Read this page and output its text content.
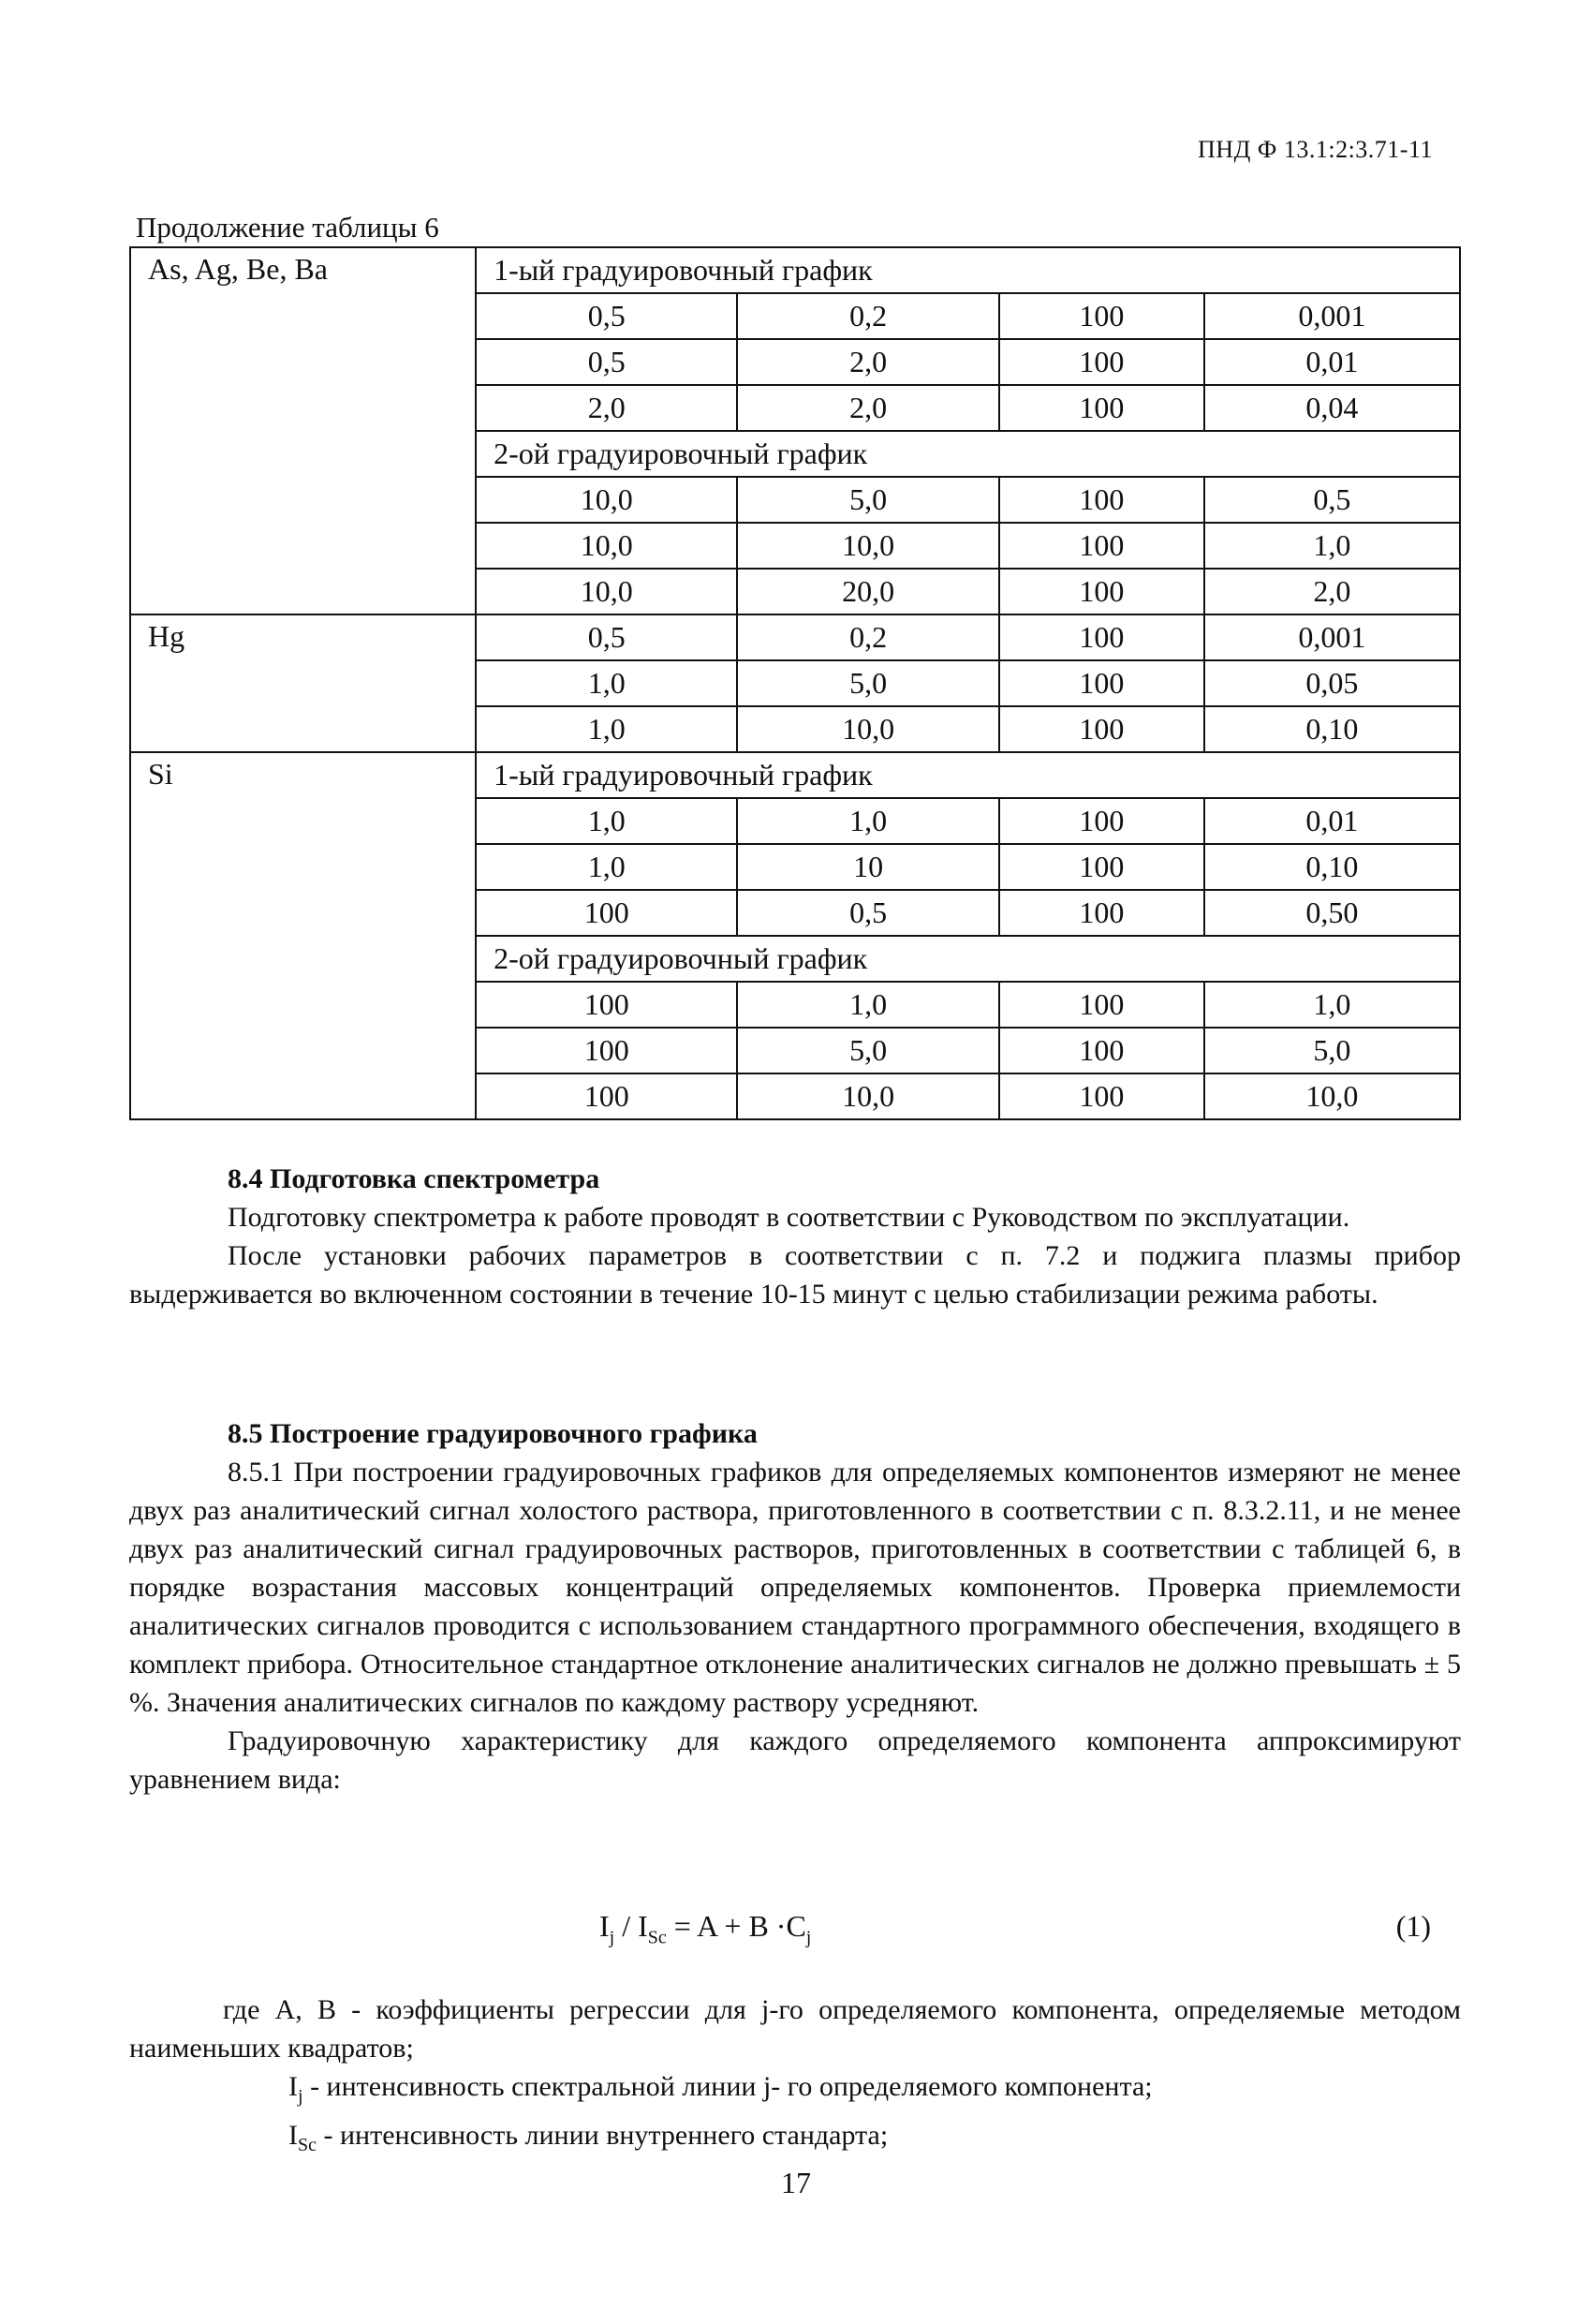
ПНД Ф 13.1:2:3.71-11
Продолжение таблицы 6
As, Ag, Be, Ba	1-ый градуировочный график			
	0,5	0,2	100	0,001
	0,5	2,0	100	0,01
	2,0	2,0	100	0,04
	2-ой градуировочный график			
	10,0	5,0	100	0,5
	10,0	10,0	100	1,0
	10,0	20,0	100	2,0
Hg	0,5	0,2	100	0,001
	1,0	5,0	100	0,05
	1,0	10,0	100	0,10
Si	1-ый градуировочный график			
	1,0	1,0	100	0,01
	1,0	10	100	0,10
	100	0,5	100	0,50
	2-ой градуировочный график			
	100	1,0	100	1,0
	100	5,0	100	5,0
	100	10,0	100	10,0
8.4 Подготовка спектрометра
Подготовку спектрометра к работе проводят в соответствии с Руководством по эксплуатации.
После установки рабочих параметров в соответствии с п. 7.2 и поджига плазмы прибор выдерживается во включенном состоянии в течение 10-15 минут с целью стабилизации режима работы.
8.5 Построение градуировочного графика
8.5.1 При построении градуировочных графиков для определяемых компонентов измеряют не менее двух раз аналитический сигнал холостого раствора, приготовленного в соответствии с п. 8.3.2.11, и не менее двух раз аналитический сигнал градуировочных растворов, приготовленных в соответствии с таблицей 6, в порядке возрастания массовых концентраций определяемых компонентов. Проверка приемлемости аналитических сигналов проводится с использованием стандартного программного обеспечения, входящего в комплект прибора. Относительное стандартное отклонение аналитических сигналов не должно превышать ± 5 %. Значения аналитических сигналов по каждому раствору усредняют.
Градуировочную характеристику для каждого определяемого компонента аппроксимируют уравнением вида:
$I_j / I_{Sc} = A + B \cdot C_j$	(1)
где A, B - коэффициенты регрессии для j-го определяемого компонента, определяемые методом наименьших квадратов;
$I_j$ - интенсивность спектральной линии j- го определяемого компонента;
$I_{Sc}$ - интенсивность линии внутреннего стандарта;
17
